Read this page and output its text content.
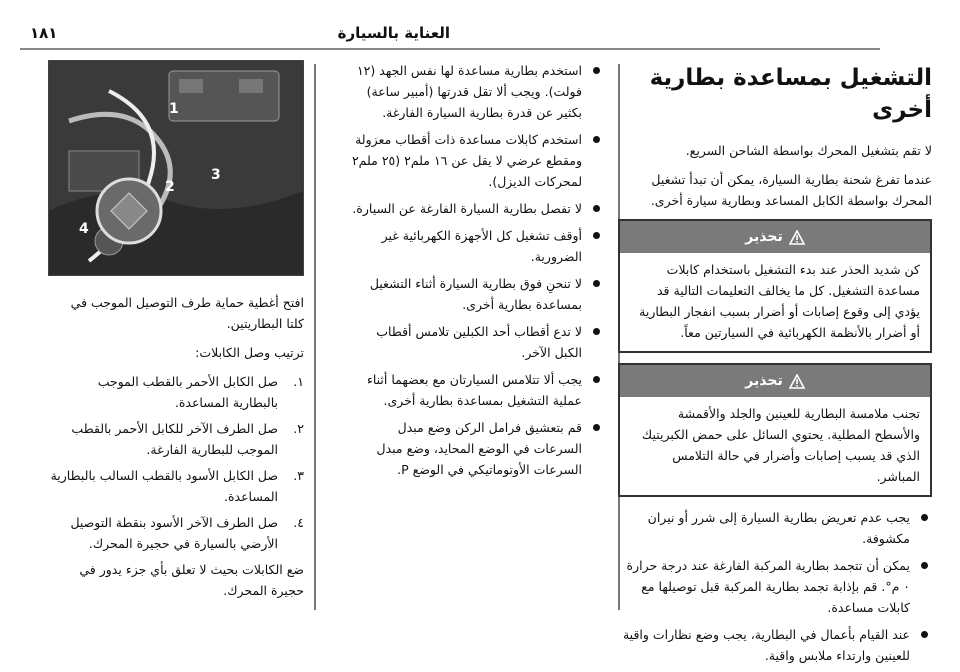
العناية بالسيارة
١٨١
التشغيل بمساعدة بطارية أخرى

لا تقم بتشغيل المحرك بواسطة الشاحن السريع.

عندما تفرغ شحنة بطارية السيارة، يمكن أن تبدأ تشغيل المحرك بواسطة الكابل المساعد وبطارية سيارة أخرى.

تحذير
كن شديد الحذر عند بدء التشغيل باستخدام كابلات مساعدة التشغيل. كل ما يخالف التعليمات التالية قد يؤدي إلى وقوع إصابات أو أضرار بسبب انفجار البطارية أو أضرار بالأنظمة الكهربائية في السيارتين معاً.
تحذير
تجنب ملامسة البطارية للعينين والجلد والأقمشة والأسطح المطلية. يحتوي السائل على حمض الكبريتيك الذي قد يسبب إصابات وأضرار في حالة التلامس المباشر.
يجب عدم تعريض بطارية السيارة إلى شرر أو نيران مكشوفة.
يمكن أن تتجمد بطارية المركبة الفارغة عند درجة حرارة ٠ م°. قم بإذابة تجمد بطارية المركبة قبل توصيلها مع كابلات مساعدة.
عند القيام بأعمال في البطارية، يجب وضع نظارات واقية للعينين وارتداء ملابس واقية.
استخدم بطارية مساعدة لها نفس الجهد (١٢ فولت). ويجب ألا تقل قدرتها (أمبير ساعة) بكثير عن قدرة بطارية السيارة الفارغة.
استخدم كابلات مساعدة ذات أقطاب معزولة ومقطع عرضي لا يقل عن ١٦ ملم٢ (٢٥ ملم٢ لمحركات الديزل).
لا تفصل بطارية السيارة الفارغة عن السيارة.
أوقف تشغيل كل الأجهزة الكهربائية غير الضرورية.
لا تنحنِ فوق بطارية السيارة أثناء التشغيل بمساعدة بطارية أخرى.
لا تدع أقطاب أحد الكبلين تلامس أقطاب الكبل الآخر.
يجب ألا تتلامس السيارتان مع بعضهما أثناء عملية التشغيل بمساعدة بطارية أخرى.
قم بتعشيق فرامل الركن وضع مبدل السرعات في الوضع المحايد، وضع مبدل السرعات الأوتوماتيكي في الوضع P.
1
2
3
4

افتح أغطية حماية طرف التوصيل الموجب في كلتا البطاريتين.

ترتيب وصل الكابلات:

١.
صل الكابل الأحمر بالقطب الموجب بالبطارية المساعدة.
٢.
صل الطرف الآخر للكابل الأحمر بالقطب الموجب للبطارية الفارغة.
٣.
صل الكابل الأسود بالقطب السالب بالبطارية المساعدة.
٤.
صل الطرف الآخر الأسود بنقطة التوصيل الأرضي بالسيارة في حجيرة المحرك.

ضع الكابلات بحيث لا تعلق بأي جزء يدور في حجيرة المحرك.
